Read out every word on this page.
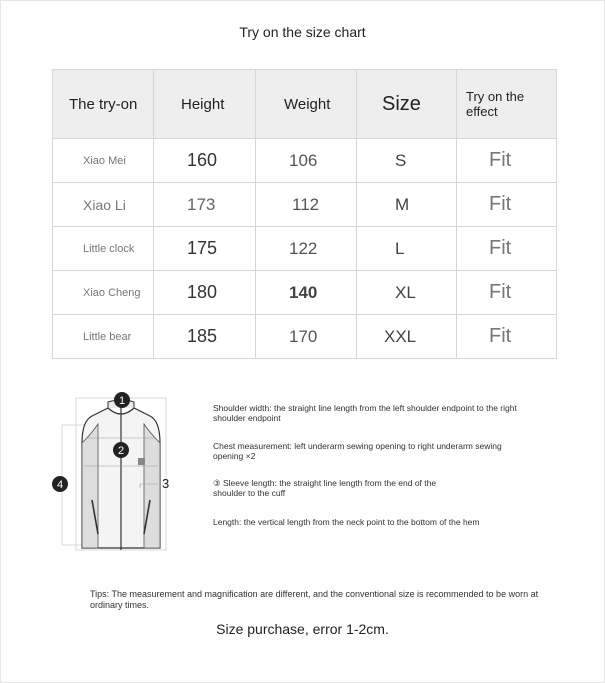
Try on the size chart
The try-on	Height	Weight	Size	Try on the effect
Xiao Mei	160	106	S	Fit
Xiao Li	173	112	M	Fit
Little clock	175	122	L	Fit
Xiao Cheng	180	140	XL	Fit
Little bear	185	170	XXL	Fit
1
2
3
4
Shoulder width: the straight line length from the left shoulder endpoint to the right shoulder endpoint
Chest measurement: left underarm sewing opening to right underarm sewing opening ×2
③ Sleeve length: the straight line length from the end of the shoulder to the cuff
Length: the vertical length from the neck point to the bottom of the hem
Tips: The measurement and magnification are different, and the conventional size is recommended to be worn at ordinary times.
Size purchase, error 1-2cm.
